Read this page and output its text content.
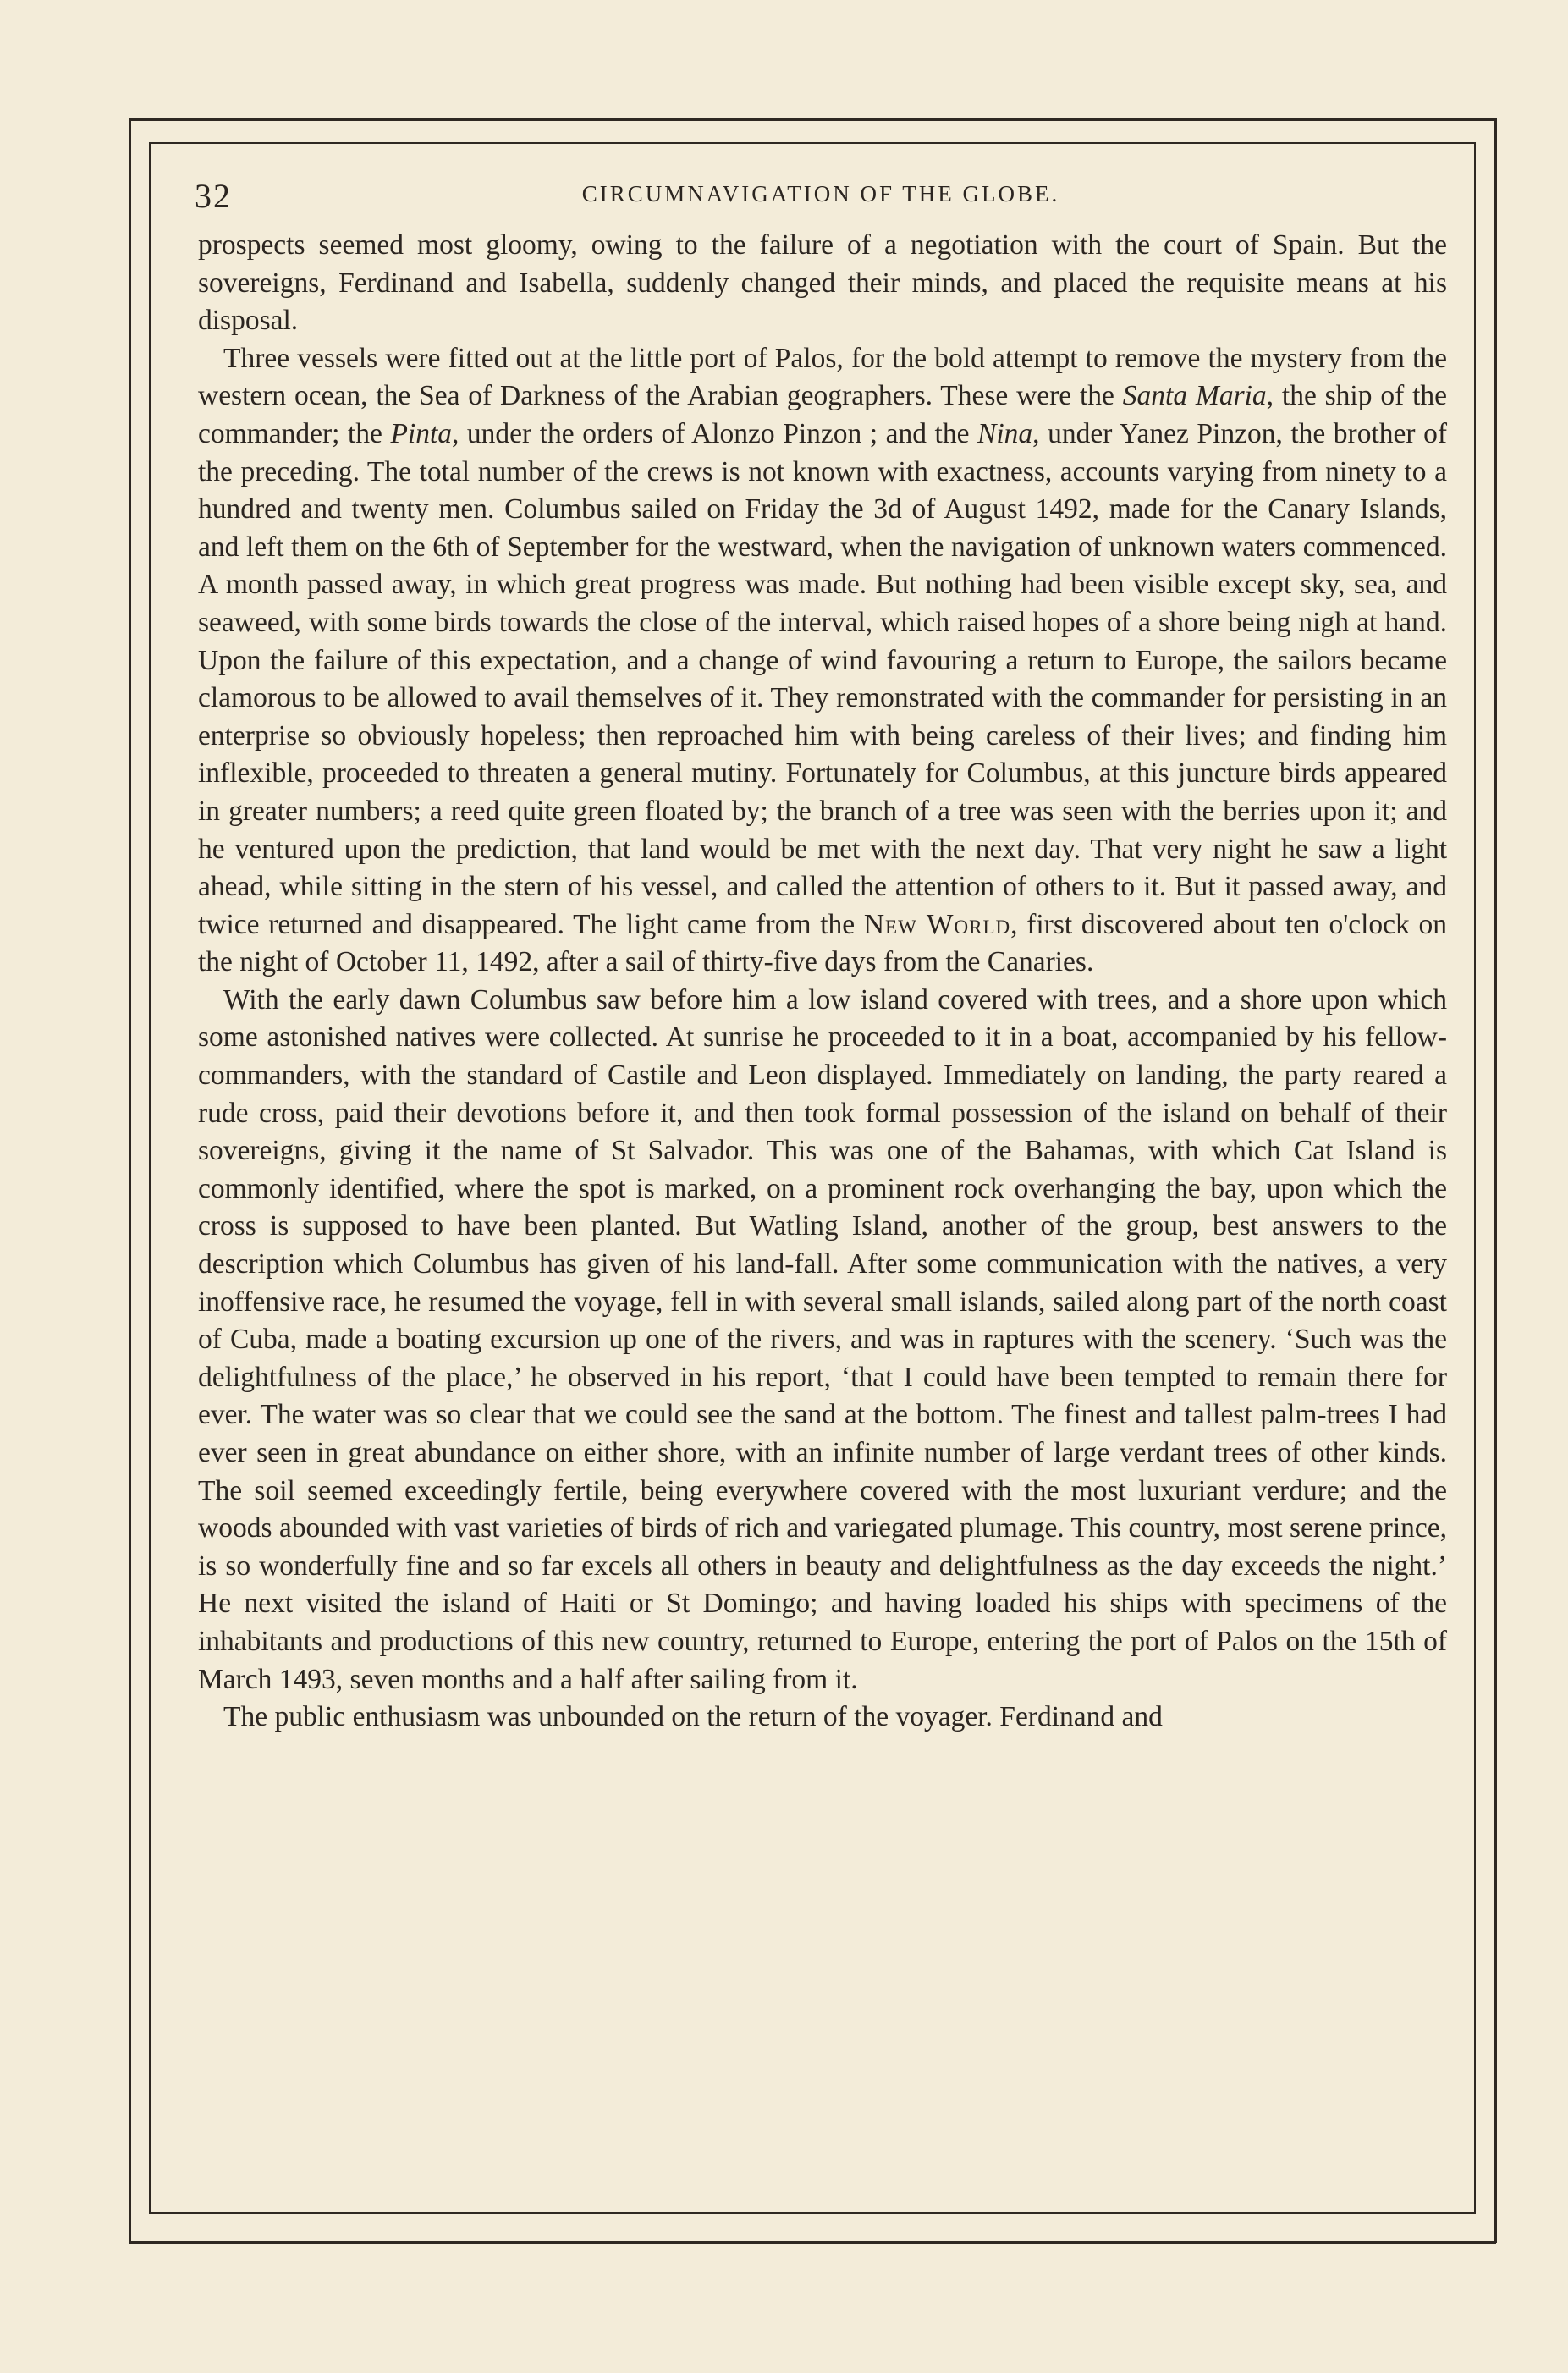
32	CIRCUMNAVIGATION OF THE GLOBE.

prospects seemed most gloomy, owing to the failure of a negotiation with the court of Spain. But the sovereigns, Ferdinand and Isabella, suddenly changed their minds, and placed the requisite means at his disposal.

Three vessels were fitted out at the little port of Palos, for the bold attempt to remove the mystery from the western ocean, the Sea of Darkness of the Arabian geographers. These were the Santa Maria, the ship of the commander; the Pinta, under the orders of Alonzo Pinzon ; and the Nina, under Yanez Pinzon, the brother of the preceding. The total number of the crews is not known with exactness, accounts varying from ninety to a hundred and twenty men. Columbus sailed on Friday the 3d of August 1492, made for the Canary Islands, and left them on the 6th of September for the westward, when the navigation of unknown waters commenced. A month passed away, in which great progress was made. But nothing had been visible except sky, sea, and seaweed, with some birds towards the close of the interval, which raised hopes of a shore being nigh at hand. Upon the failure of this expectation, and a change of wind favouring a return to Europe, the sailors became clamorous to be allowed to avail themselves of it. They remonstrated with the commander for persisting in an enterprise so obviously hopeless; then reproached him with being careless of their lives; and finding him inflexible, proceeded to threaten a general mutiny. Fortunately for Columbus, at this juncture birds appeared in greater numbers; a reed quite green floated by; the branch of a tree was seen with the berries upon it; and he ventured upon the prediction, that land would be met with the next day. That very night he saw a light ahead, while sitting in the stern of his vessel, and called the attention of others to it. But it passed away, and twice returned and disappeared. The light came from the New World, first discovered about ten o'clock on the night of October 11, 1492, after a sail of thirty-five days from the Canaries.

With the early dawn Columbus saw before him a low island covered with trees, and a shore upon which some astonished natives were collected. At sunrise he proceeded to it in a boat, accompanied by his fellow-commanders, with the standard of Castile and Leon displayed. Immediately on landing, the party reared a rude cross, paid their devotions before it, and then took formal possession of the island on behalf of their sovereigns, giving it the name of St Salvador. This was one of the Bahamas, with which Cat Island is commonly identified, where the spot is marked, on a prominent rock overhanging the bay, upon which the cross is supposed to have been planted. But Watling Island, another of the group, best answers to the description which Columbus has given of his land-fall. After some communication with the natives, a very inoffensive race, he resumed the voyage, fell in with several small islands, sailed along part of the north coast of Cuba, made a boating excursion up one of the rivers, and was in raptures with the scenery. ‘Such was the delightfulness of the place,’ he observed in his report, ‘that I could have been tempted to remain there for ever. The water was so clear that we could see the sand at the bottom. The finest and tallest palm-trees I had ever seen in great abundance on either shore, with an infinite number of large verdant trees of other kinds. The soil seemed exceedingly fertile, being everywhere covered with the most luxuriant verdure; and the woods abounded with vast varieties of birds of rich and variegated plumage. This country, most serene prince, is so wonderfully fine and so far excels all others in beauty and delightfulness as the day exceeds the night.’ He next visited the island of Haiti or St Domingo; and having loaded his ships with specimens of the inhabitants and productions of this new country, returned to Europe, entering the port of Palos on the 15th of March 1493, seven months and a half after sailing from it.

The public enthusiasm was unbounded on the return of the voyager. Ferdinand and
